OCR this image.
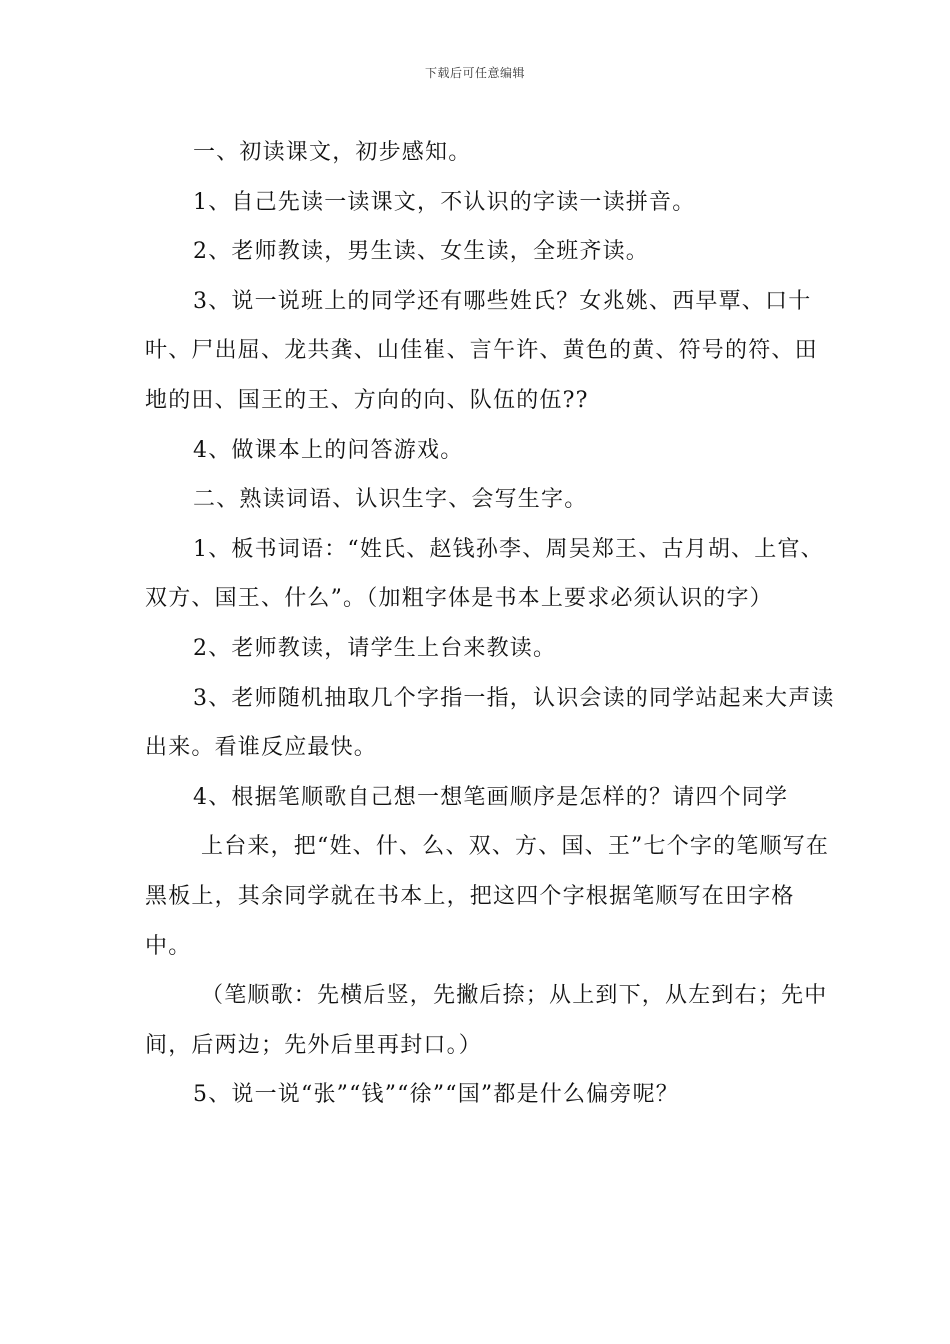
下载后可任意编辑

一、初读课文，初步感知。

1、自己先读一读课文，不认识的字读一读拼音。

2、老师教读，男生读、女生读，全班齐读。

3、说一说班上的同学还有哪些姓氏？女兆姚、西早覃、口十叶、尸出屈、龙共龚、山佳崔、言午许、黄色的黄、符号的符、田地的田、国王的王、方向的向、队伍的伍??

4、做课本上的问答游戏。

二、熟读词语、认识生字、会写生字。

1、板书词语：“姓氏、赵钱孙李、周吴郑王、古月胡、上官、双方、国王、什么”。（加粗字体是书本上要求必须认识的字）

2、老师教读，请学生上台来教读。

3、老师随机抽取几个字指一指，认识会读的同学站起来大声读出来。看谁反应最快。

4、根据笔顺歌自己想一想笔画顺序是怎样的？请四个同学

上台来，把“姓、什、么、双、方、国、王”七个字的笔顺写在黑板上，其余同学就在书本上，把这四个字根据笔顺写在田字格中。

（笔顺歌：先横后竖，先撇后捺；从上到下，从左到右；先中间，后两边；先外后里再封口。）

5、说一说“张”“钱”“徐”“国”都是什么偏旁呢？
